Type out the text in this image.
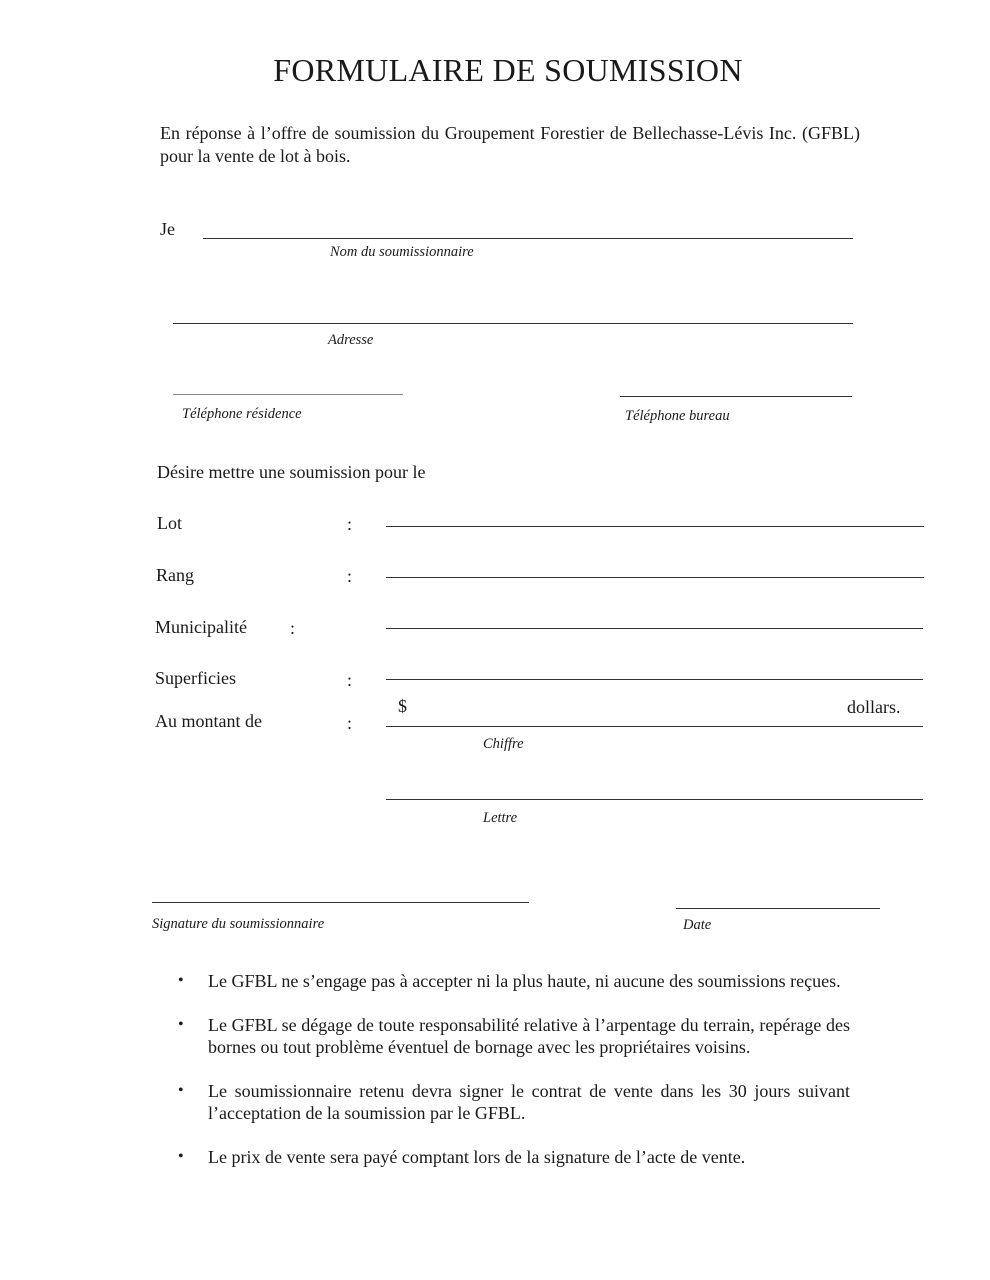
FORMULAIRE DE SOUMISSION
En réponse à l’offre de soumission du Groupement Forestier de Bellechasse-Lévis Inc. (GFBL) pour la vente de lot à bois.
Je
Nom du soumissionnaire
Adresse
Téléphone résidence	Téléphone bureau
Désire mettre une soumission pour le
Lot	:
Rang	:
Municipalité :
Superficies	:
Au montant de	:
$	dollars.
Chiffre
Lettre
Signature du soumissionnaire	Date
• Le GFBL ne s’engage pas à accepter ni la plus haute, ni aucune des soumissions reçues.
• Le GFBL se dégage de toute responsabilité relative à l’arpentage du terrain, repérage des bornes ou tout problème éventuel de bornage avec les propriétaires voisins.
• Le soumissionnaire retenu devra signer le contrat de vente dans les 30 jours suivant l’acceptation de la soumission par le GFBL.
• Le prix de vente sera payé comptant lors de la signature de l’acte de vente.
